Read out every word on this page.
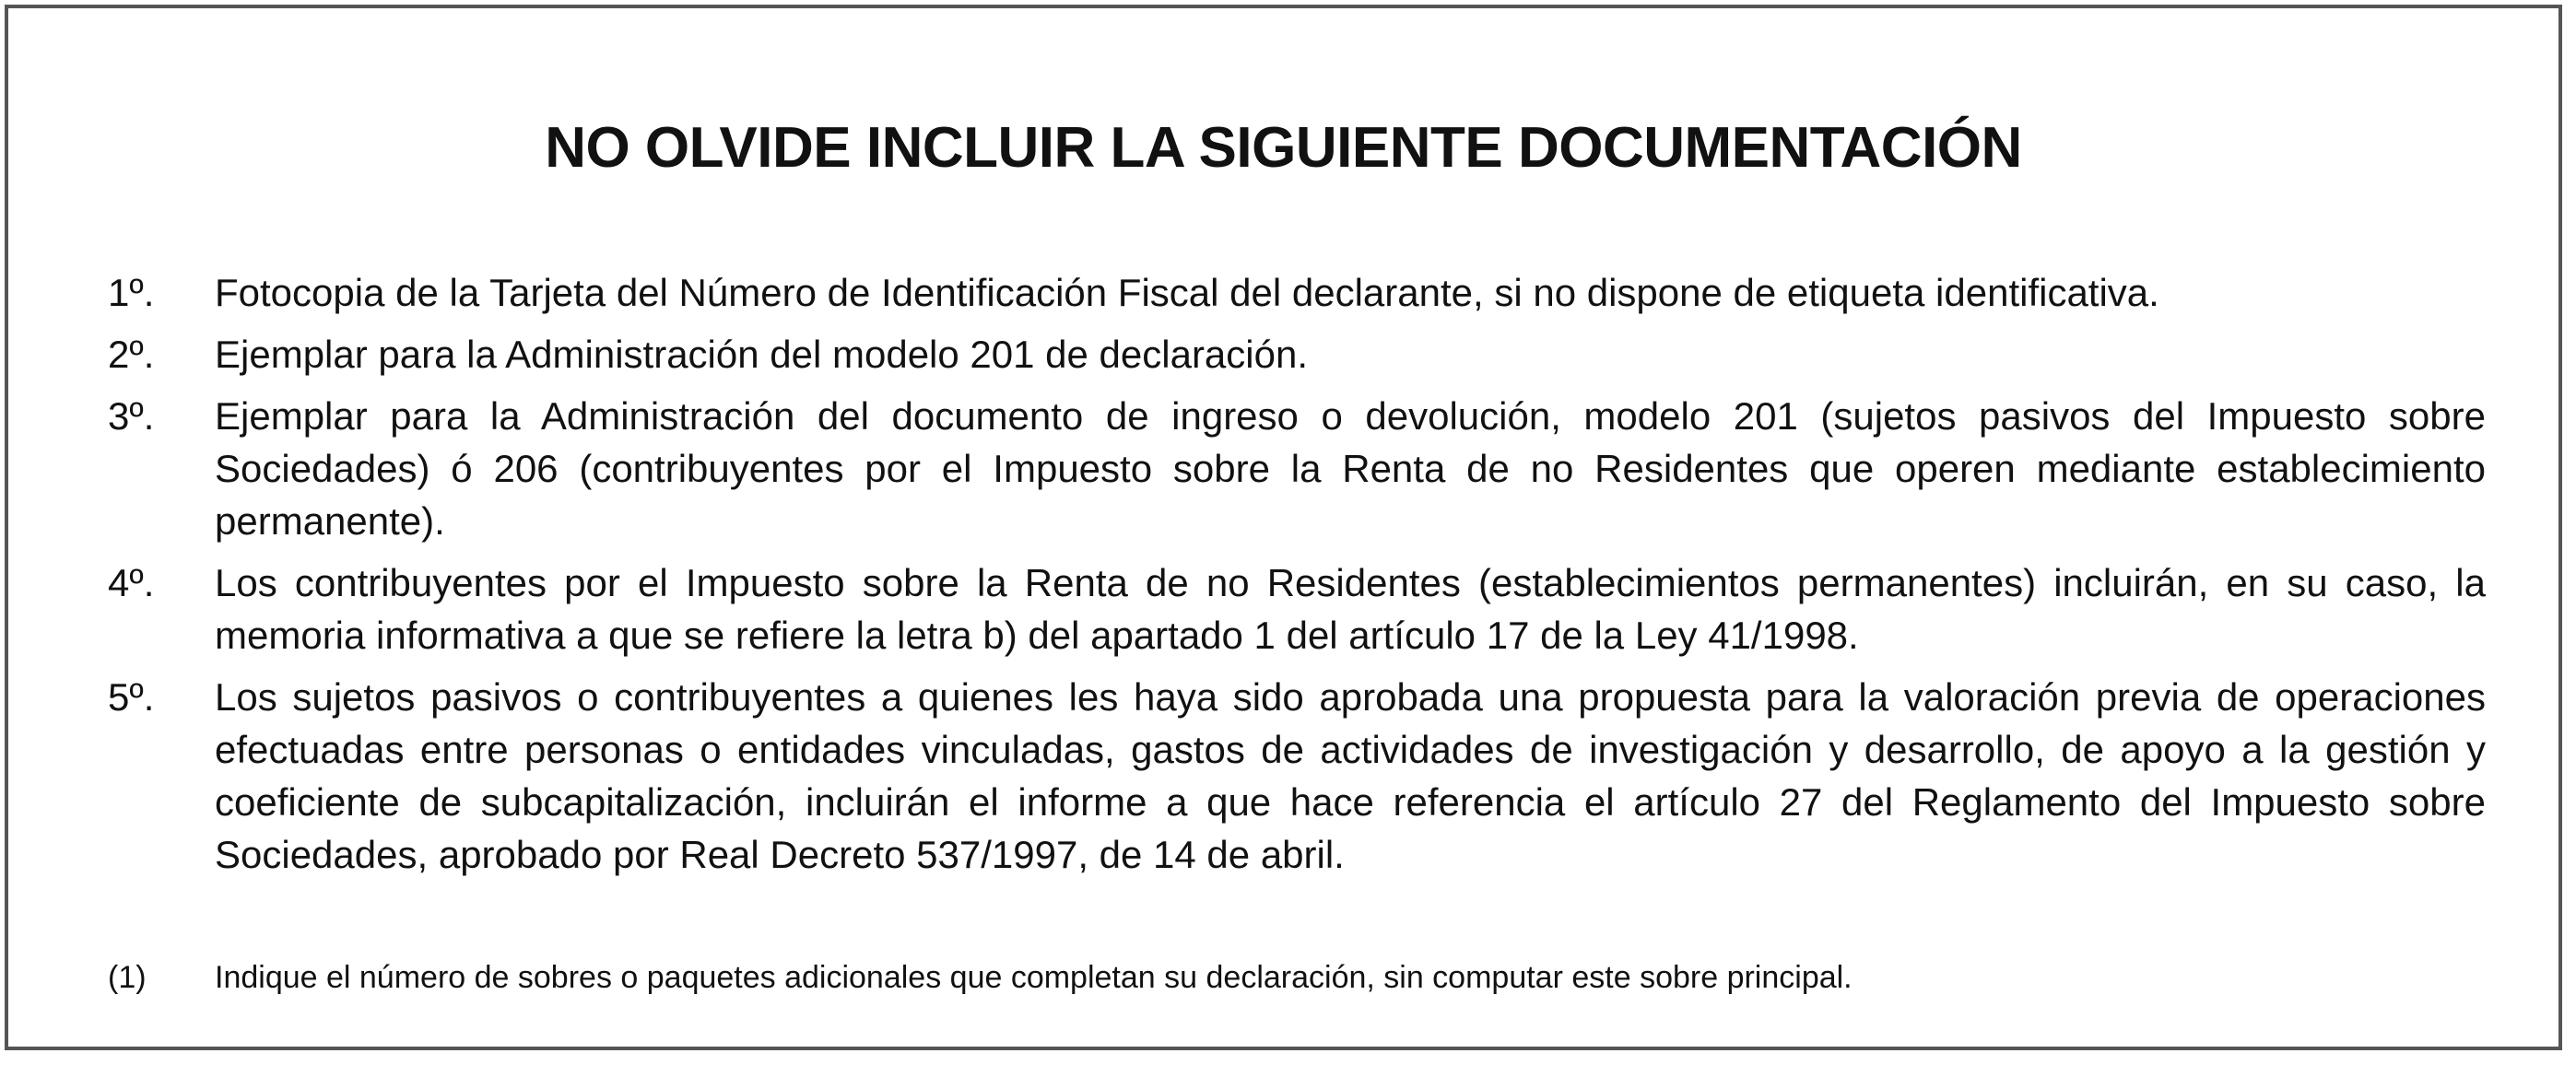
NO OLVIDE INCLUIR LA SIGUIENTE DOCUMENTACIÓN
1º.	Fotocopia de la Tarjeta del Número de Identificación Fiscal del declarante, si no dispone de etiqueta identificativa.
2º.	Ejemplar para la Administración del modelo 201 de declaración.
3º.	Ejemplar para la Administración del documento de ingreso o devolución, modelo 201 (sujetos pasivos del Impuesto sobre Sociedades) ó 206 (contribuyentes por el Impuesto sobre la Renta de no Residentes que operen mediante establecimiento permanente).
4º.	Los contribuyentes por el Impuesto sobre la Renta de no Residentes (establecimientos permanentes) incluirán, en su caso, la memoria informativa a que se refiere la letra b) del apartado 1 del artículo 17 de la Ley 41/1998.
5º.	Los sujetos pasivos o contribuyentes a quienes les haya sido aprobada una propuesta para la valoración previa de operaciones efectuadas entre personas o entidades vinculadas, gastos de actividades de investigación y desarrollo, de apoyo a la gestión y coeficiente de subcapitalización, incluirán el informe a que hace referencia el artículo 27 del Reglamento del Impuesto sobre Sociedades, aprobado por Real Decreto 537/1997, de 14 de abril.
(1)	Indique el número de sobres o paquetes adicionales que completan su declaración, sin computar este sobre principal.
